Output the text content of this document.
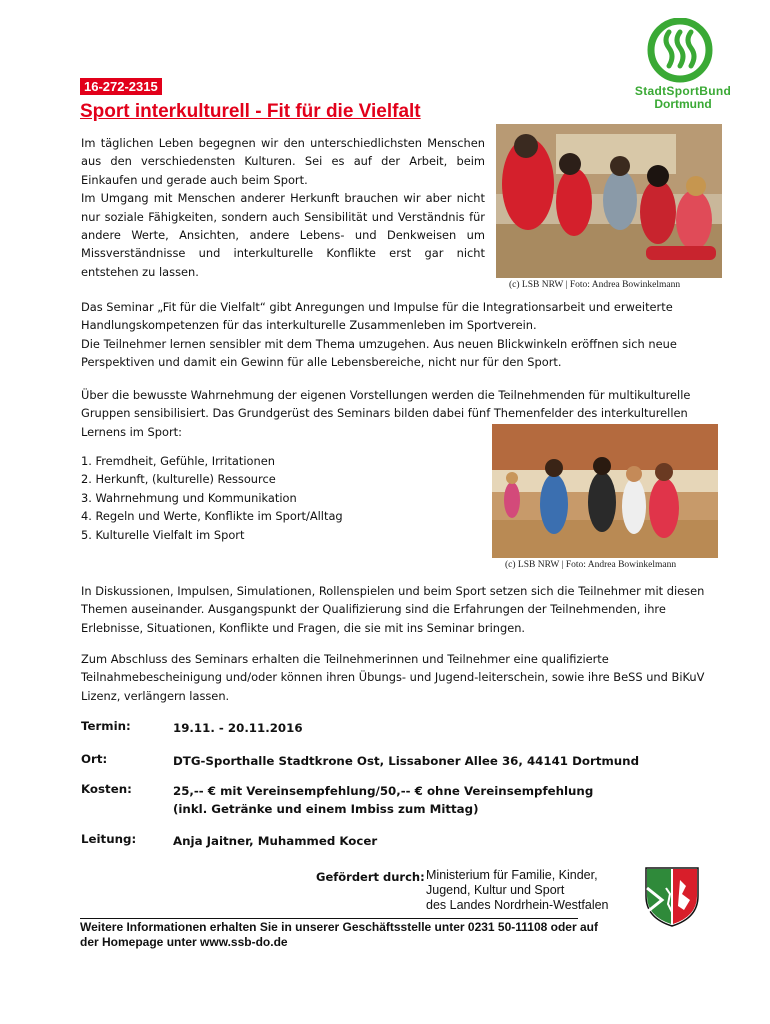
16-272-2315
Sport interkulturell - Fit für die Vielfalt
StadtSportBund
Dortmund
Im täglichen Leben begegnen wir den unterschiedlichsten Menschen
aus den verschiedensten Kulturen. Sei es auf der Arbeit, beim
Einkaufen und gerade auch beim Sport.
Im Umgang mit Menschen anderer Herkunft brauchen wir aber nicht
nur soziale Fähigkeiten, sondern auch Sensibilität und Verständnis für
andere Werte, Ansichten, andere Lebens- und Denkweisen um
Missverständnisse und interkulturelle Konflikte erst gar nicht
entstehen zu lassen.
(c) LSB NRW | Foto: Andrea Bowinkelmann
Das Seminar „Fit für die Vielfalt“ gibt Anregungen und Impulse für die Integrationsarbeit und erweiterte
Handlungskompetenzen für das interkulturelle Zusammenleben im Sportverein.
Die Teilnehmer lernen sensibler mit dem Thema umzugehen. Aus neuen Blickwinkeln eröffnen sich neue
Perspektiven und damit ein Gewinn für alle Lebensbereiche, nicht nur für den Sport.
Über die bewusste Wahrnehmung der eigenen Vorstellungen werden die Teilnehmenden für multikulturelle
Gruppen sensibilisiert. Das Grundgerüst des Seminars bilden dabei fünf Themenfelder des interkulturellen
Lernens im Sport:
1. Fremdheit, Gefühle, Irritationen
2. Herkunft, (kulturelle) Ressource
3. Wahrnehmung und Kommunikation
4. Regeln und Werte, Konflikte im Sport/Alltag
5. Kulturelle Vielfalt im Sport
(c) LSB NRW | Foto: Andrea Bowinkelmann
In Diskussionen, Impulsen, Simulationen, Rollenspielen und beim Sport setzen sich die Teilnehmer mit diesen
Themen auseinander. Ausgangspunkt der Qualifizierung sind die Erfahrungen der Teilnehmenden, ihre
Erlebnisse, Situationen, Konflikte und Fragen, die sie mit ins Seminar bringen.
Zum Abschluss des Seminars erhalten die Teilnehmerinnen und Teilnehmer eine qualifizierte
Teilnahmebescheinigung und/oder können ihren Übungs- und Jugend-leiterschein, sowie ihre BeSS und BiKuV
Lizenz, verlängern lassen.
Termin:	19.11. - 20.11.2016
Ort:	DTG-Sporthalle Stadtkrone Ost, Lissaboner Allee 36, 44141 Dortmund
Kosten:	25,-- € mit Vereinsempfehlung/50,-- € ohne Vereinsempfehlung
(inkl. Getränke und einem Imbiss zum Mittag)
Leitung:	Anja Jaitner, Muhammed Kocer
Gefördert durch: Ministerium für Familie, Kinder,
Jugend, Kultur und Sport
des Landes Nordrhein-Westfalen
Weitere Informationen erhalten Sie in unserer Geschäftsstelle unter 0231 50-11108 oder auf
der Homepage unter www.ssb-do.de
